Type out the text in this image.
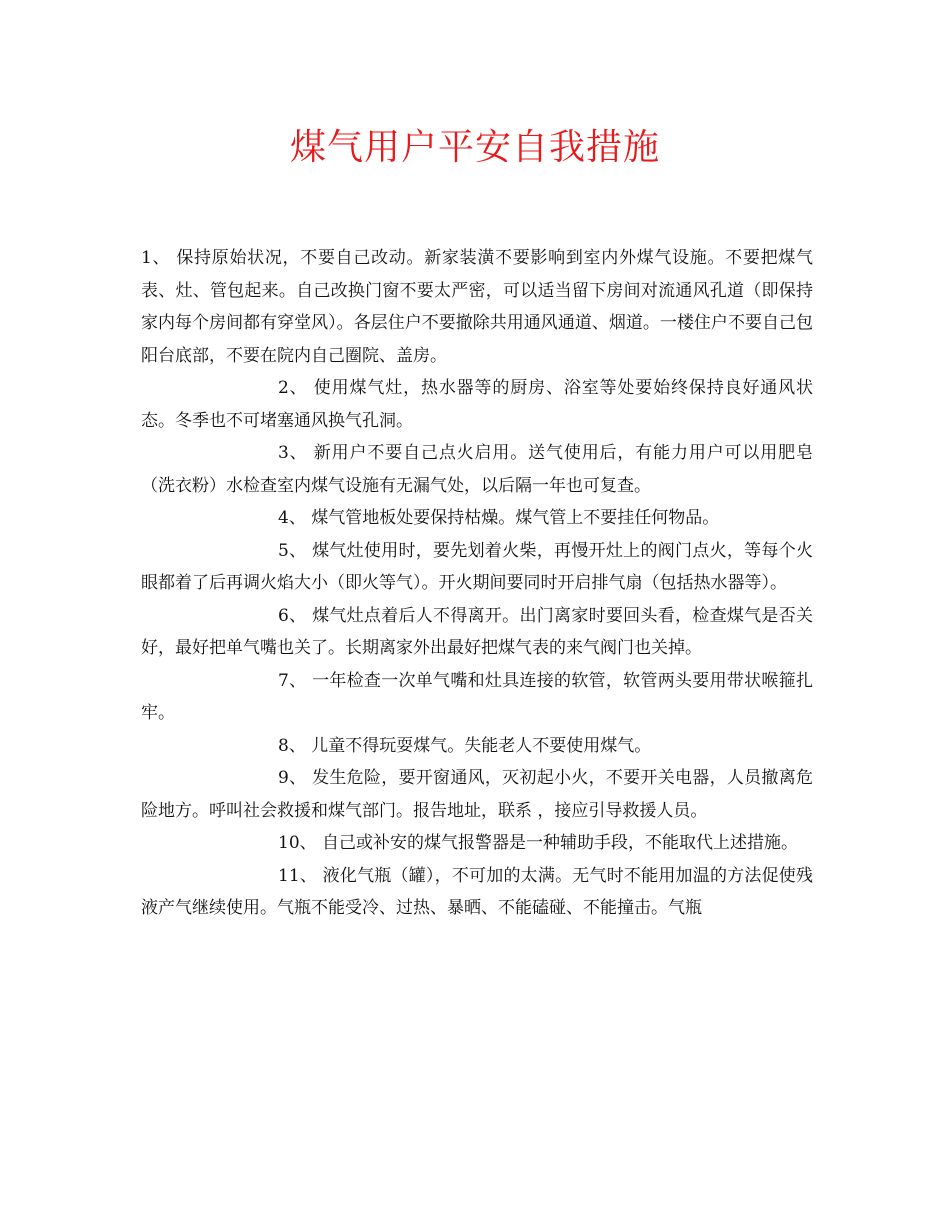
煤气用户平安自我措施

1、 保持原始状况，不要自己改动。新家装潢不要影响到室内外煤气设施。不要把煤气表、灶、管包起来。自己改换门窗不要太严密，可以适当留下房间对流通风孔道（即保持家内每个房间都有穿堂风）。各层住户不要撤除共用通风通道、烟道。一楼住户不要自己包阳台底部，不要在院内自己圈院、盖房。

2、 使用煤气灶，热水器等的厨房、浴室等处要始终保持良好通风状态。冬季也不可堵塞通风换气孔洞。

3、 新用户不要自己点火启用。送气使用后，有能力用户可以用肥皂（洗衣粉）水检查室内煤气设施有无漏气处，以后隔一年也可复查。

4、 煤气管地板处要保持枯燥。煤气管上不要挂任何物品。

5、 煤气灶使用时，要先划着火柴，再慢开灶上的阀门点火，等每个火眼都着了后再调火焰大小（即火等气）。开火期间要同时开启排气扇（包括热水器等）。

6、 煤气灶点着后人不得离开。出门离家时要回头看，检查煤气是否关好，最好把单气嘴也关了。长期离家外出最好把煤气表的来气阀门也关掉。

7、 一年检查一次单气嘴和灶具连接的软管，软管两头要用带状喉箍扎牢。

8、 儿童不得玩耍煤气。失能老人不要使用煤气。

9、 发生危险，要开窗通风，灭初起小火，不要开关电器，人员撤离危险地方。呼叫社会救援和煤气部门。报告地址，联系 ，接应引导救援人员。

10、 自己或补安的煤气报警器是一种辅助手段，不能取代上述措施。

11、 液化气瓶（罐），不可加的太满。无气时不能用加温的方法促使残液产气继续使用。气瓶不能受冷、过热、暴晒、不能磕碰、不能撞击。气瓶
